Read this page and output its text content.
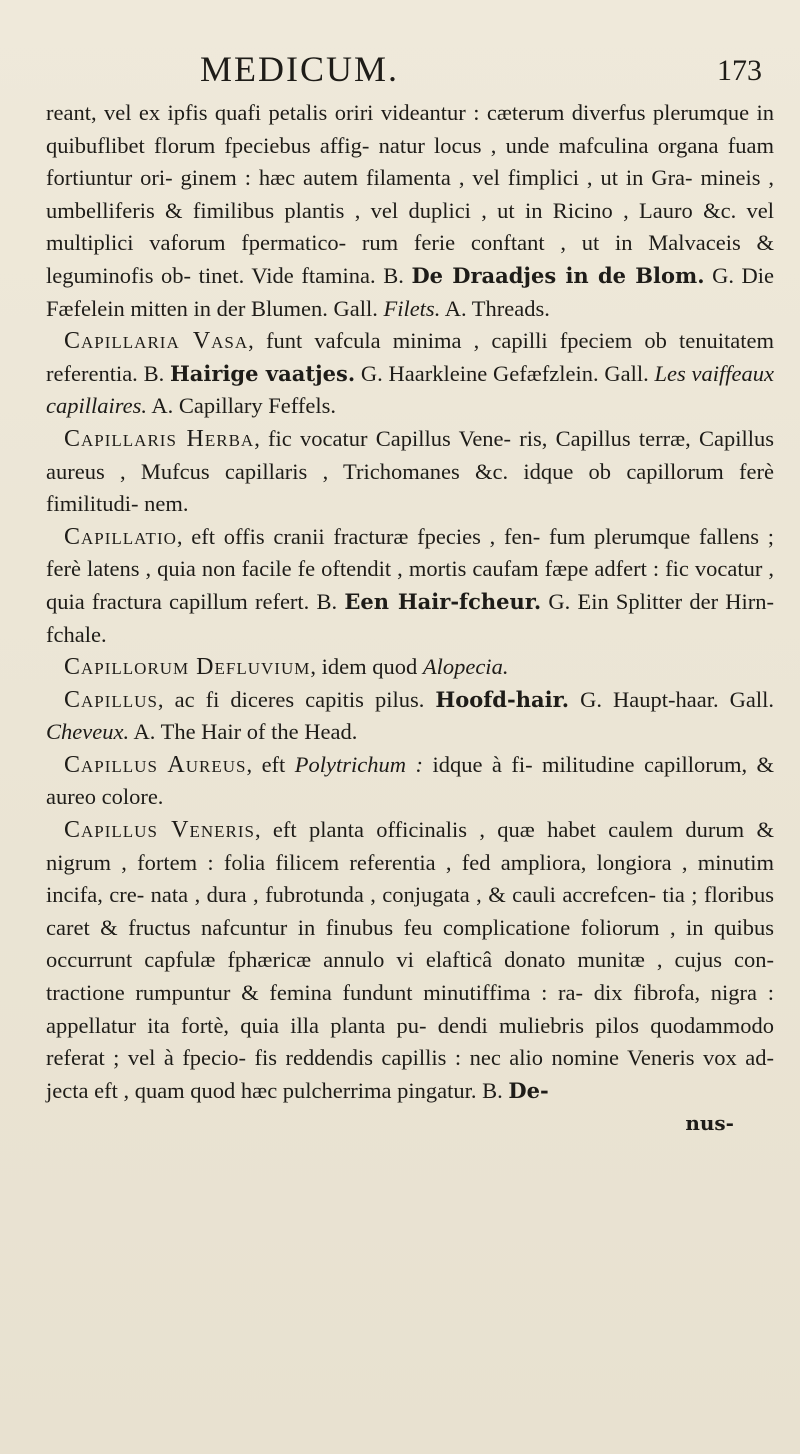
MEDICUM.	173

reant, vel ex ipfis quafi petalis oriri videantur : cæterum diverfus plerumque in quibuflibet florum fpeciebus affig- natur locus , unde mafculina organa fuam fortiuntur ori- ginem : hæc autem filamenta , vel fimplici , ut in Gra- mineis , umbelliferis & fimilibus plantis , vel duplici , ut in Ricino , Lauro &c. vel multiplici vaforum fpermatico- rum ferie conftant , ut in Malvaceis & leguminofis ob- tinet. Vide ftamina. B. De Draadjes in de Blom. G. Die Fæfelein mitten in der Blumen. Gall. Filets. A. Threads.

Capillaria Vasa, funt vafcula minima , capilli fpeciem ob tenuitatem referentia. B. Hairige vaatjes. G. Haarkleine Gefæfzlein. Gall. Les vaiffeaux capillaires. A. Capillary Feffels.

Capillaris Herba, fic vocatur Capillus Vene- ris, Capillus terræ, Capillus aureus , Mufcus capillaris , Trichomanes &c. idque ob capillorum ferè fimilitudi- nem.

Capillatio, eft offis cranii fracturæ fpecies , fen- fum plerumque fallens ; ferè latens , quia non facile fe oftendit , mortis caufam fæpe adfert : fic vocatur , quia fractura capillum refert. B. Een Hair-fcheur. G. Ein Splitter der Hirn-fchale.

Capillorum Defluvium, idem quod Alopecia.

Capillus, ac fi diceres capitis pilus. Hoofd-hair. G. Haupt-haar. Gall. Cheveux. A. The Hair of the Head.

Capillus Aureus, eft Polytrichum : idque à fi- militudine capillorum, & aureo colore.

Capillus Veneris, eft planta officinalis , quæ habet caulem durum & nigrum , fortem : folia filicem referentia , fed ampliora, longiora , minutim incifa, cre- nata , dura , fubrotunda , conjugata , & cauli accrefcen- tia ; floribus caret & fructus nafcuntur in finubus feu complicatione foliorum , in quibus occurrunt capfulæ fphæricæ annulo vi elafticâ donato munitæ , cujus con- tractione rumpuntur & femina fundunt minutiffima : ra- dix fibrofa, nigra : appellatur ita fortè, quia illa planta pu- dendi muliebris pilos quodammodo referat ; vel à fpecio- fis reddendis capillis : nec alio nomine Veneris vox ad- jecta eft , quam quod hæc pulcherrima pingatur. B. De-

nus-
